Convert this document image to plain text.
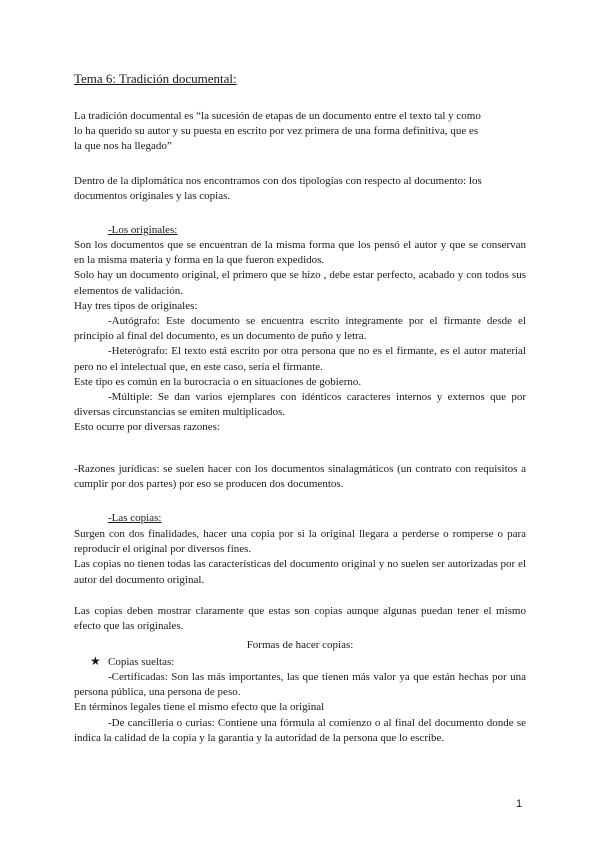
Tema 6: Tradición documental:

La tradición documental es “la sucesión de etapas de un documento entre el texto tal y como

lo ha querido su autor y su puesta en escrito por vez primera de una forma definitiva, que es

la que nos ha llegado”

Dentro de la diplomática nos encontramos con dos tipologías con respecto al documento: los

documentos originales y las copias.

-Los originales:

Son los documentos que se encuentran de la misma forma que los pensó el autor y que se conservan en la misma materia y forma en la que fueron expedidos.

Solo hay un documento original, el primero que se hizo , debe estar perfecto, acabado y con todos sus elementos de validación.

Hay tres tipos de originales:

-Autógrafo: Este documento se encuentra escrito íntegramente por el firmante desde el principio al final del documento, es un documento de puño y letra.

-Heterógrafo: El texto está escrito por otra persona que no es el firmante, es el autor material pero no el intelectual que, en este caso, sería el firmante.

Este tipo es común en la burocracia o en situaciones de gobierno.

-Múltiple: Se dan varios ejemplares con idénticos caracteres internos y externos que por diversas circunstancias se emiten multiplicados.

Esto ocurre por diversas razones:

-Razones jurídicas: se suelen hacer con los documentos sinalagmáticos (un contrato con requisitos a cumplir por dos partes) por eso se producen dos documentos.

-Las copias:

Surgen con dos finalidades, hacer una copia por si la original llegara a perderse o romperse o para reproducir el original por diversos fines.

Las copias no tienen todas las características del documento original y no suelen ser autorizadas por el autor del documento original.

Las copias deben mostrar claramente que estas son copias aunque algunas puedan tener el mismo efecto que las originales.

Formas de hacer copias:
★ Copias sueltas:

-Certificadas: Son las más importantes, las que tienen más valor ya que están hechas por una persona pública, una persona de peso.

En términos legales tiene el mismo efecto que la original

-De cancillería o curias: Contiene una fórmula al comienzo o al final del documento donde se indica la calidad de la copia y la garantía y la autoridad de la persona que lo escribe.

1
